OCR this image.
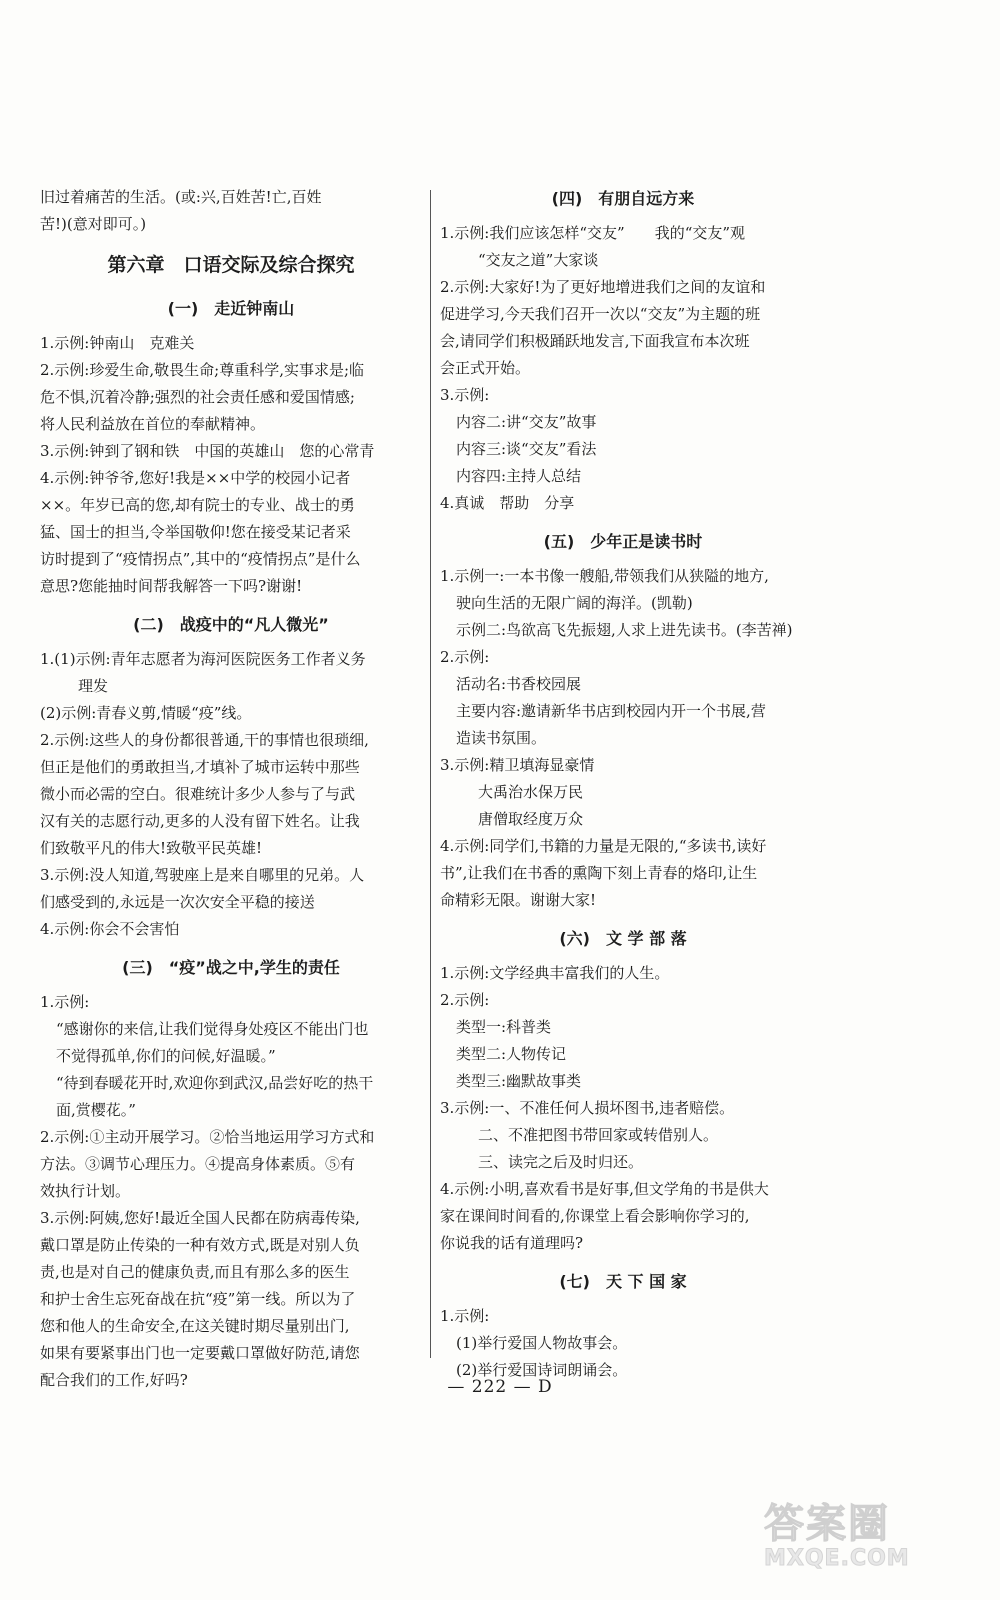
旧过着痛苦的生活。(或:兴,百姓苦!亡,百姓
苦!)(意对即可。)
第六章　口语交际及综合探究
(一)　走近钟南山
1.示例:钟南山　克难关
2.示例:珍爱生命,敬畏生命;尊重科学,实事求是;临
危不惧,沉着冷静;强烈的社会责任感和爱国情感;
将人民利益放在首位的奉献精神。
3.示例:钟到了钢和铁　中国的英雄山　您的心常青
4.示例:钟爷爷,您好!我是××中学的校园小记者
××。年岁已高的您,却有院士的专业、战士的勇
猛、国士的担当,令举国敬仰!您在接受某记者采
访时提到了“疫情拐点”,其中的“疫情拐点”是什么
意思?您能抽时间帮我解答一下吗?谢谢!
(二)　战疫中的“凡人微光”
1.(1)示例:青年志愿者为海河医院医务工作者义务
理发
(2)示例:青春义剪,情暖“疫”线。
2.示例:这些人的身份都很普通,干的事情也很琐细,
但正是他们的勇敢担当,才填补了城市运转中那些
微小而必需的空白。很难统计多少人参与了与武
汉有关的志愿行动,更多的人没有留下姓名。让我
们致敬平凡的伟大!致敬平民英雄!
3.示例:没人知道,驾驶座上是来自哪里的兄弟。人
们感受到的,永远是一次次安全平稳的接送
4.示例:你会不会害怕
(三)　“疫”战之中,学生的责任
1.示例:
“感谢你的来信,让我们觉得身处疫区不能出门也
不觉得孤单,你们的问候,好温暖。”
“待到春暖花开时,欢迎你到武汉,品尝好吃的热干
面,赏樱花。”
2.示例:①主动开展学习。②恰当地运用学习方式和
方法。③调节心理压力。④提高身体素质。⑤有
效执行计划。
3.示例:阿姨,您好!最近全国人民都在防病毒传染,
戴口罩是防止传染的一种有效方式,既是对别人负
责,也是对自己的健康负责,而且有那么多的医生
和护士舍生忘死奋战在抗“疫”第一线。所以为了
您和他人的生命安全,在这关键时期尽量别出门,
如果有要紧事出门也一定要戴口罩做好防范,请您
配合我们的工作,好吗?
(四)　有朋自远方来
1.示例:我们应该怎样“交友”　　我的“交友”观
“交友之道”大家谈
2.示例:大家好!为了更好地增进我们之间的友谊和
促进学习,今天我们召开一次以“交友”为主题的班
会,请同学们积极踊跃地发言,下面我宣布本次班
会正式开始。
3.示例:
内容二:讲“交友”故事
内容三:谈“交友”看法
内容四:主持人总结
4.真诚　帮助　分享
(五)　少年正是读书时
1.示例一:一本书像一艘船,带领我们从狭隘的地方,
驶向生活的无限广阔的海洋。(凯勒)
示例二:鸟欲高飞先振翅,人求上进先读书。(李苦禅)
2.示例:
活动名:书香校园展
主要内容:邀请新华书店到校园内开一个书展,营
造读书氛围。
3.示例:精卫填海显豪情
大禹治水保万民
唐僧取经度万众
4.示例:同学们,书籍的力量是无限的,“多读书,读好
书”,让我们在书香的熏陶下刻上青春的烙印,让生
命精彩无限。谢谢大家!
(六)　文 学 部 落
1.示例:文学经典丰富我们的人生。
2.示例:
类型一:科普类
类型二:人物传记
类型三:幽默故事类
3.示例:一、不准任何人损坏图书,违者赔偿。
二、不准把图书带回家或转借别人。
三、读完之后及时归还。
4.示例:小明,喜欢看书是好事,但文学角的书是供大
家在课间时间看的,你课堂上看会影响你学习的,
你说我的话有道理吗?
(七)　天 下 国 家
1.示例:
(1)举行爱国人物故事会。
(2)举行爱国诗词朗诵会。
— 222 — D
答案圈
MXQE.COM
